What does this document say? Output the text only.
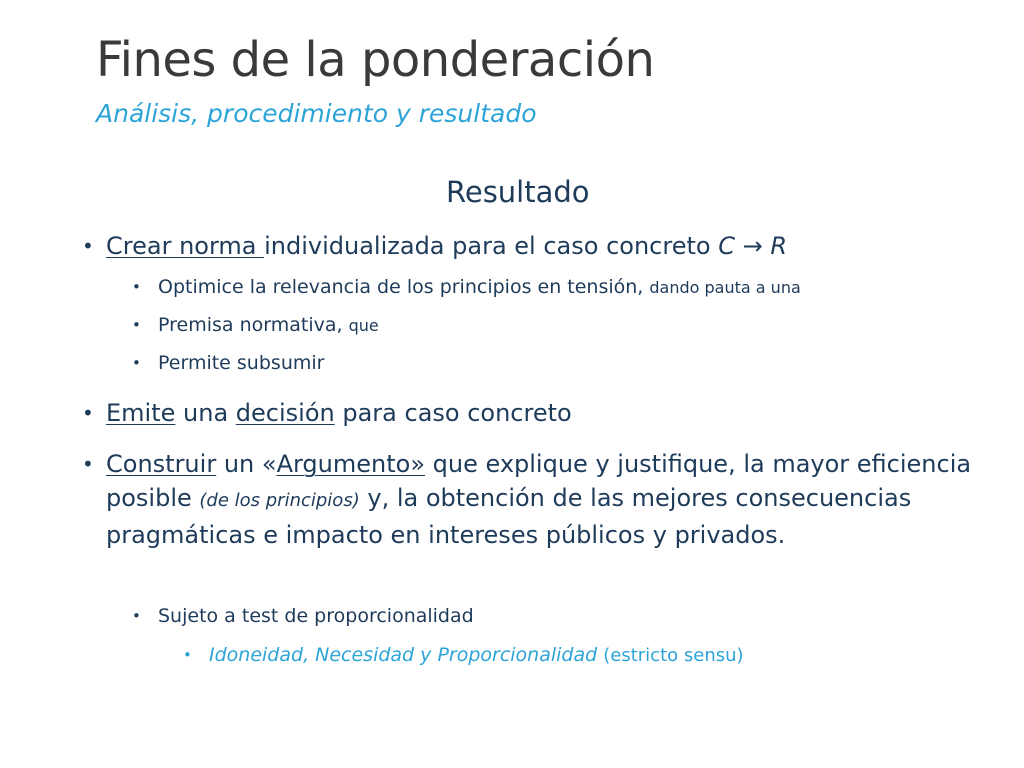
Fines de la ponderación
Análisis, procedimiento y resultado
Resultado
• Crear norma individualizada para el caso concreto C → R
• Optimice la relevancia de los principios en tensión, dando pauta a una
• Premisa normativa, que
• Permite subsumir
• Emite una decisión para caso concreto
• Construir un «Argumento» que explique y justifique, la mayor eficiencia posible (de los principios) y, la obtención de las mejores consecuencias pragmáticas e impacto en intereses públicos y privados.
• Sujeto a test de proporcionalidad
• Idoneidad, Necesidad y Proporcionalidad (estricto sensu)
